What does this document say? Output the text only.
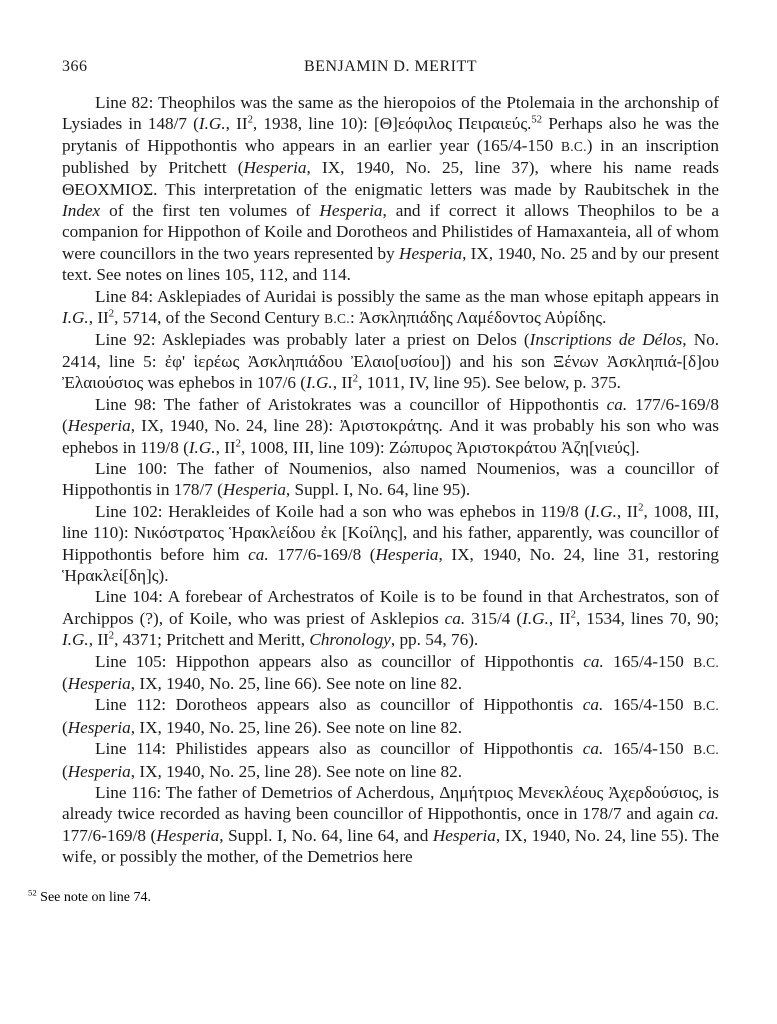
366	BENJAMIN D. MERITT

Line 82: Theophilos was the same as the hieropoios of the Ptolemaia in the archonship of Lysiades in 148/7 (I.G., $II^2$, 1938, line 10): [Θ]εόφιλος Πειραιεύς.$^{52}$ Perhaps also he was the prytanis of Hippothontis who appears in an earlier year (165/4-150 B.C.) in an inscription published by Pritchett (Hesperia, IX, 1940, No. 25, line 37), where his name reads ΘΕΟΧΜΙΟΣ. This interpretation of the enigmatic letters was made by Raubitschek in the Index of the first ten volumes of Hesperia, and if correct it allows Theophilos to be a companion for Hippothon of Koile and Dorotheos and Philistides of Hamaxanteia, all of whom were councillors in the two years represented by Hesperia, IX, 1940, No. 25 and by our present text. See notes on lines 105, 112, and 114.

Line 84: Asklepiades of Auridai is possibly the same as the man whose epitaph appears in I.G., $II^2$, 5714, of the Second Century B.C.: Ἀσκληπιάδης Λαμέδοντος Αὐρίδης.

Line 92: Asklepiades was probably later a priest on Delos (Inscriptions de Délos, No. 2414, line 5: ἐφ' ἱερέως Ἀσκληπιάδου Ἐλαιο[υσίου]) and his son Ξένων Ἀσκληπιά-[δ]ου Ἐλαιούσιος was ephebos in 107/6 (I.G., $II^2$, 1011, IV, line 95). See below, p. 375.

Line 98: The father of Aristokrates was a councillor of Hippothontis ca. 177/6-169/8 (Hesperia, IX, 1940, No. 24, line 28): Ἀριστοκράτης. And it was probably his son who was ephebos in 119/8 (I.G., $II^2$, 1008, III, line 109): Ζώπυρος Ἀριστοκράτου Ἀζη[νιεύς].

Line 100: The father of Noumenios, also named Noumenios, was a councillor of Hippothontis in 178/7 (Hesperia, Suppl. I, No. 64, line 95).

Line 102: Herakleides of Koile had a son who was ephebos in 119/8 (I.G., $II^2$, 1008, III, line 110): Νικόστρατος Ἡρακλείδου ἐκ [Κοίλης], and his father, apparently, was councillor of Hippothontis before him ca. 177/6-169/8 (Hesperia, IX, 1940, No. 24, line 31, restoring Ἡρακλεί[δη]ς).

Line 104: A forebear of Archestratos of Koile is to be found in that Archestratos, son of Archippos (?), of Koile, who was priest of Asklepios ca. 315/4 (I.G., $II^2$, 1534, lines 70, 90; I.G., $II^2$, 4371; Pritchett and Meritt, Chronology, pp. 54, 76).

Line 105: Hippothon appears also as councillor of Hippothontis ca. 165/4-150 B.C. (Hesperia, IX, 1940, No. 25, line 66). See note on line 82.

Line 112: Dorotheos appears also as councillor of Hippothontis ca. 165/4-150 B.C. (Hesperia, IX, 1940, No. 25, line 26). See note on line 82.

Line 114: Philistides appears also as councillor of Hippothontis ca. 165/4-150 B.C. (Hesperia, IX, 1940, No. 25, line 28). See note on line 82.

Line 116: The father of Demetrios of Acherdous, Δημήτριος Μενεκλέους Ἀχερδούσιος, is already twice recorded as having been councillor of Hippothontis, once in 178/7 and again ca. 177/6-169/8 (Hesperia, Suppl. I, No. 64, line 64, and Hesperia, IX, 1940, No. 24, line 55). The wife, or possibly the mother, of the Demetrios here

$^{52}$ See note on line 74.
